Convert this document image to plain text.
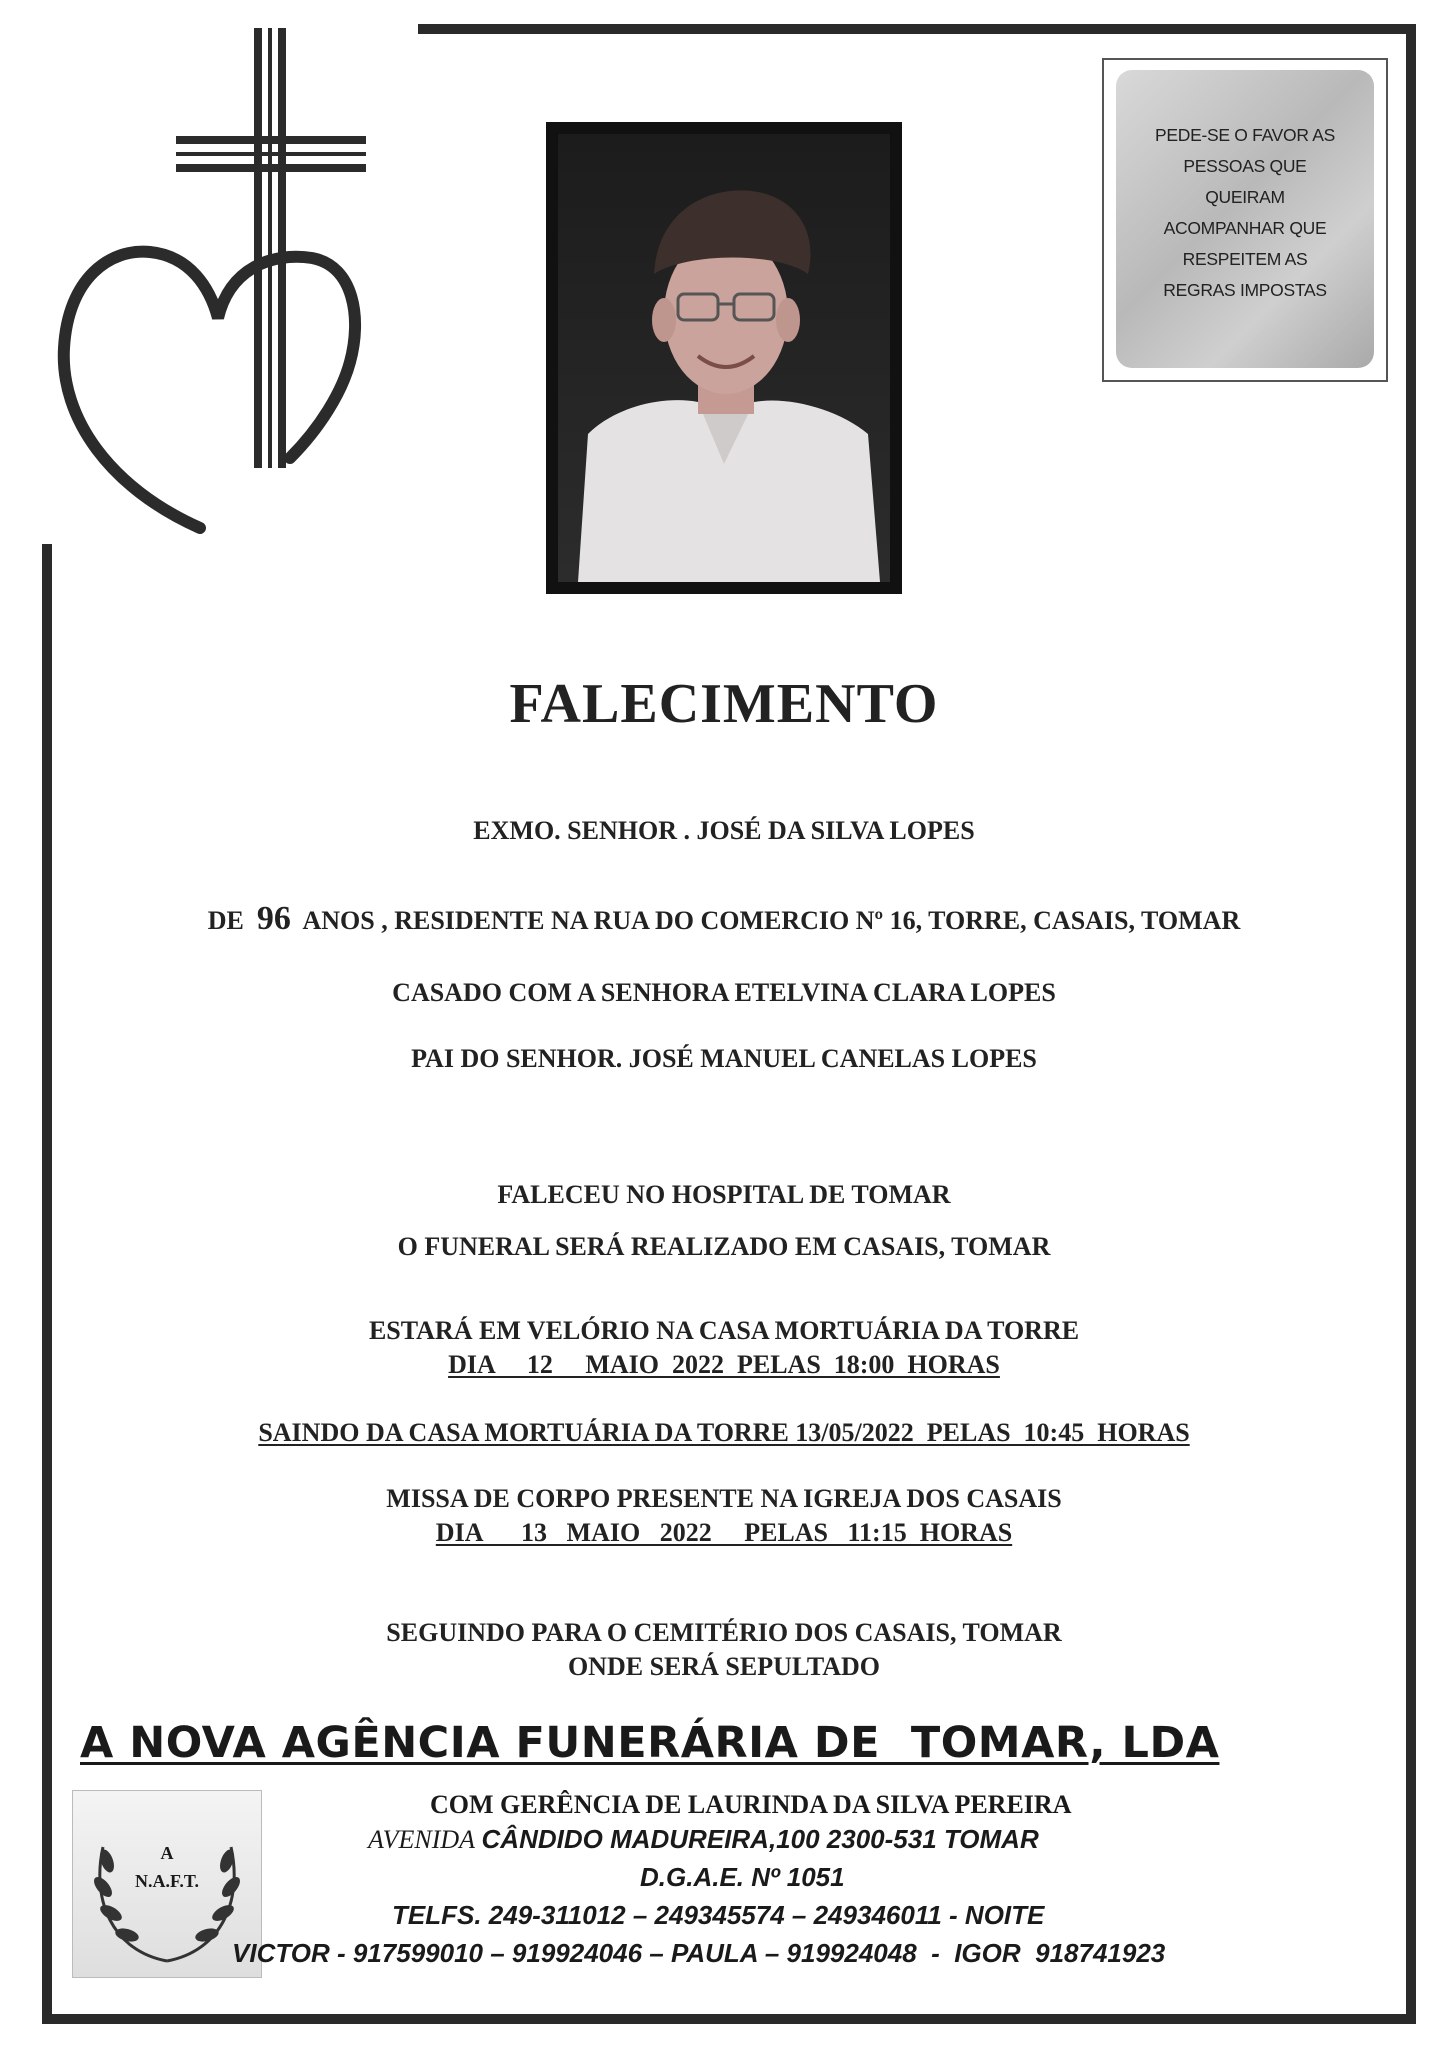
PEDE-SE O FAVOR AS
PESSOAS QUE
QUEIRAM
ACOMPANHAR QUE
RESPEITEM AS
REGRAS IMPOSTAS
FALECIMENTO
EXMO. SENHOR . JOSÉ DA SILVA LOPES
DE 96 ANOS , RESIDENTE NA RUA DO COMERCIO Nº 16, TORRE, CASAIS, TOMAR
CASADO COM A SENHORA ETELVINA CLARA LOPES
PAI DO SENHOR. JOSÉ MANUEL CANELAS LOPES
FALECEU NO HOSPITAL DE TOMAR
O FUNERAL SERÁ REALIZADO EM CASAIS, TOMAR
ESTARÁ EM VELÓRIO NA CASA MORTUÁRIA DA TORRE
DIA     12     MAIO  2022  PELAS  18:00  HORAS
SAINDO DA CASA MORTUÁRIA DA TORRE 13/05/2022  PELAS  10:45  HORAS
MISSA DE CORPO PRESENTE NA IGREJA DOS CASAIS
DIA      13   MAIO   2022     PELAS   11:15  HORAS
SEGUINDO PARA O CEMITÉRIO DOS CASAIS, TOMAR
ONDE SERÁ SEPULTADO
A NOVA AGÊNCIA FUNERÁRIA DE  TOMAR, LDA
A
N.A.F.T.
COM GERÊNCIA DE LAURINDA DA SILVA PEREIRA
AVENIDA CÂNDIDO MADUREIRA,100 2300-531 TOMAR
D.G.A.E. Nº 1051
TELFS. 249-311012 – 249345574 – 249346011 - NOITE
VICTOR - 917599010 – 919924046 – PAULA – 919924048  -  IGOR  918741923
